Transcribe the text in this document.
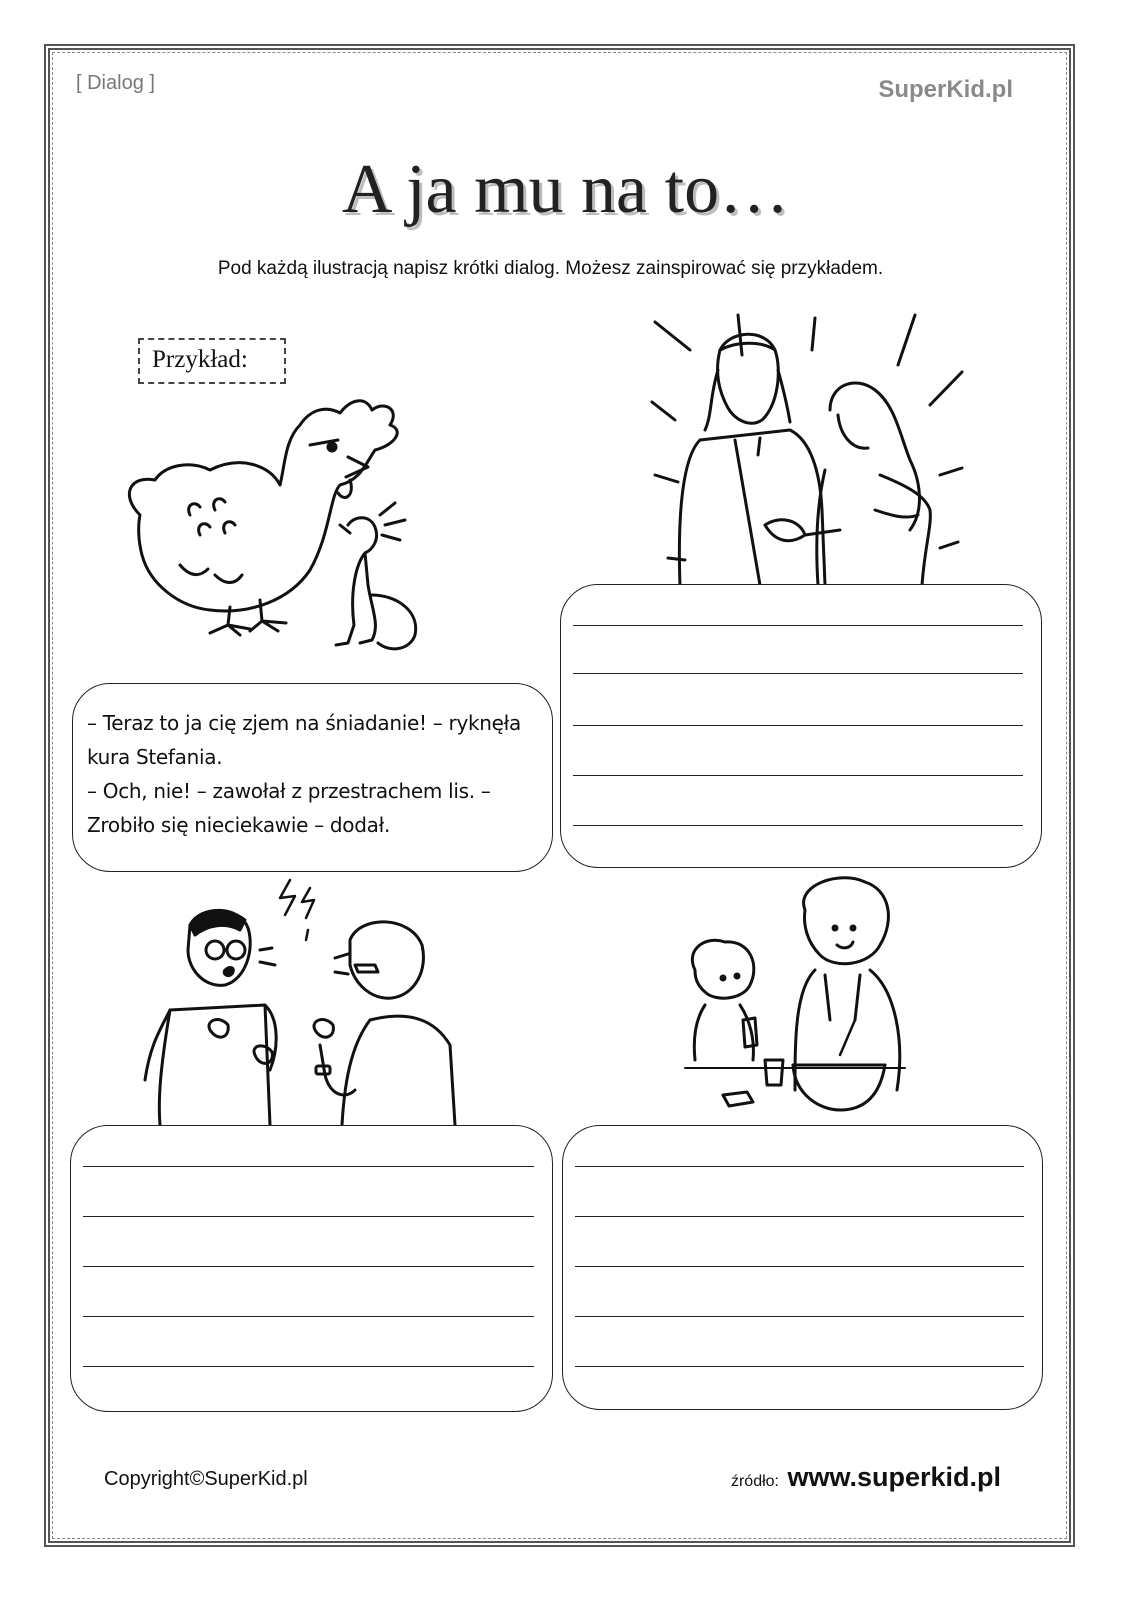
[ Dialog ]	SuperKid.pl
A ja mu na to…
Pod każdą ilustracją napisz krótki dialog. Możesz zainspirować się przykładem.
Przykład:
– Teraz to ja cię zjem na śniadanie! – ryknęła
kura Stefania.
– Och, nie! – zawołał z przestrachem lis. –
Zrobiło się nieciekawie – dodał.
Copyright©SuperKid.pl	źródło: www.superkid.pl
